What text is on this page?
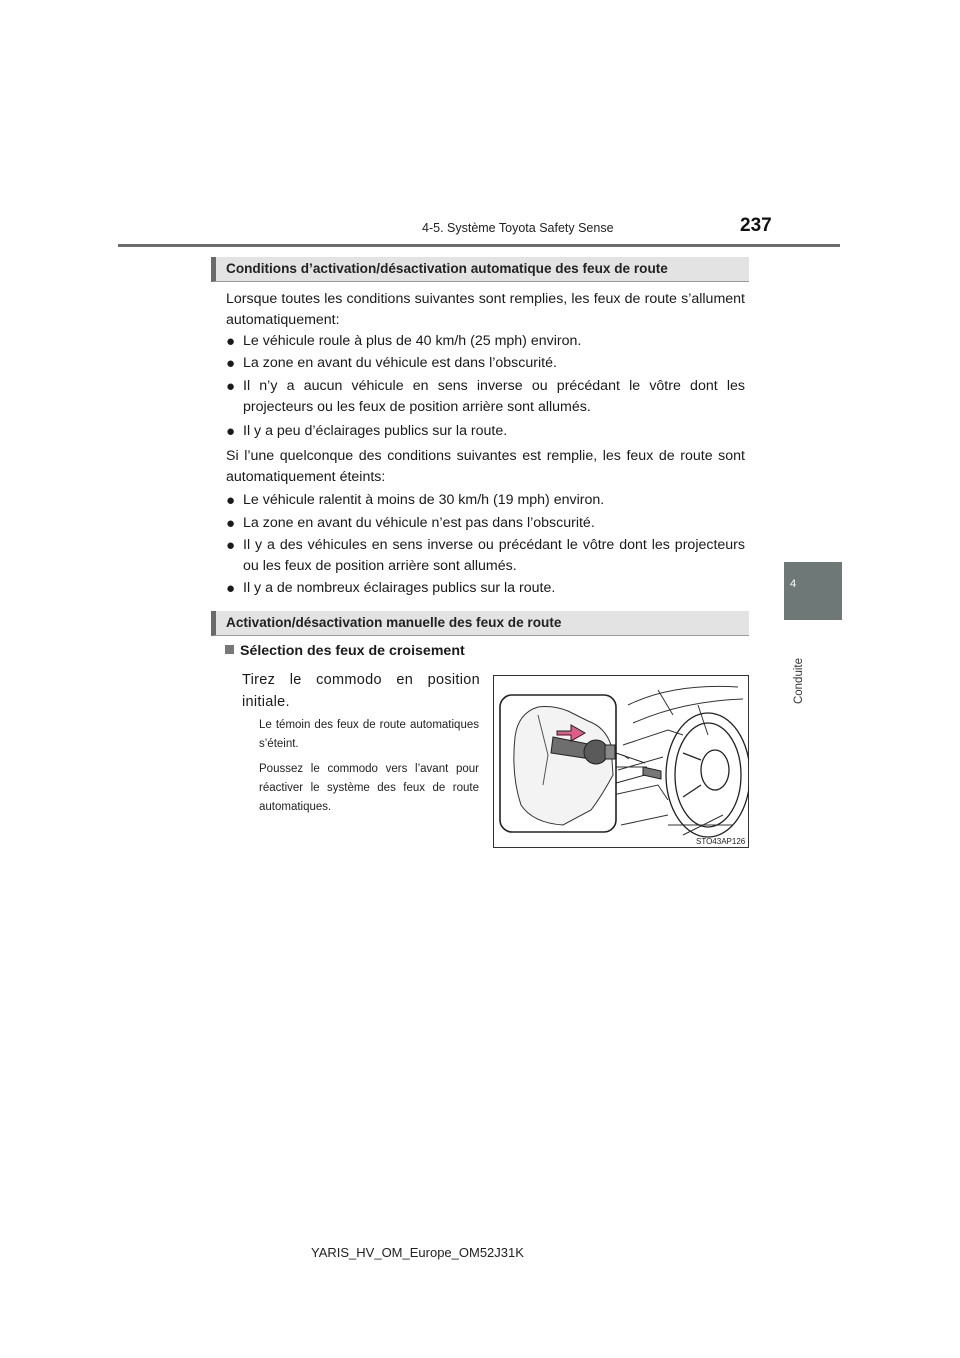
4-5. Système Toyota Safety Sense	237
4
Conduite
Conditions d’activation/désactivation automatique des feux de route

Lorsque toutes les conditions suivantes sont remplies, les feux de route s’allument automatiquement:

● Le véhicule roule à plus de 40 km/h (25 mph) environ.
● La zone en avant du véhicule est dans l’obscurité.
● Il n’y a aucun véhicule en sens inverse ou précédant le vôtre dont les projecteurs ou les feux de position arrière sont allumés.
● Il y a peu d’éclairages publics sur la route.

Si l’une quelconque des conditions suivantes est remplie, les feux de route sont automatiquement éteints:

● Le véhicule ralentit à moins de 30 km/h (19 mph) environ.
● La zone en avant du véhicule n’est pas dans l’obscurité.
● Il y a des véhicules en sens inverse ou précédant le vôtre dont les projecteurs ou les feux de position arrière sont allumés.
● Il y a de nombreux éclairages publics sur la route.
Activation/désactivation manuelle des feux de route
Sélection des feux de croisement
Tirez le commodo en position initiale.
Le témoin des feux de route automatiques s’éteint.
Poussez le commodo vers l’avant pour réactiver le système des feux de route automatiques.
STO43AP126
YARIS_HV_OM_Europe_OM52J31K
